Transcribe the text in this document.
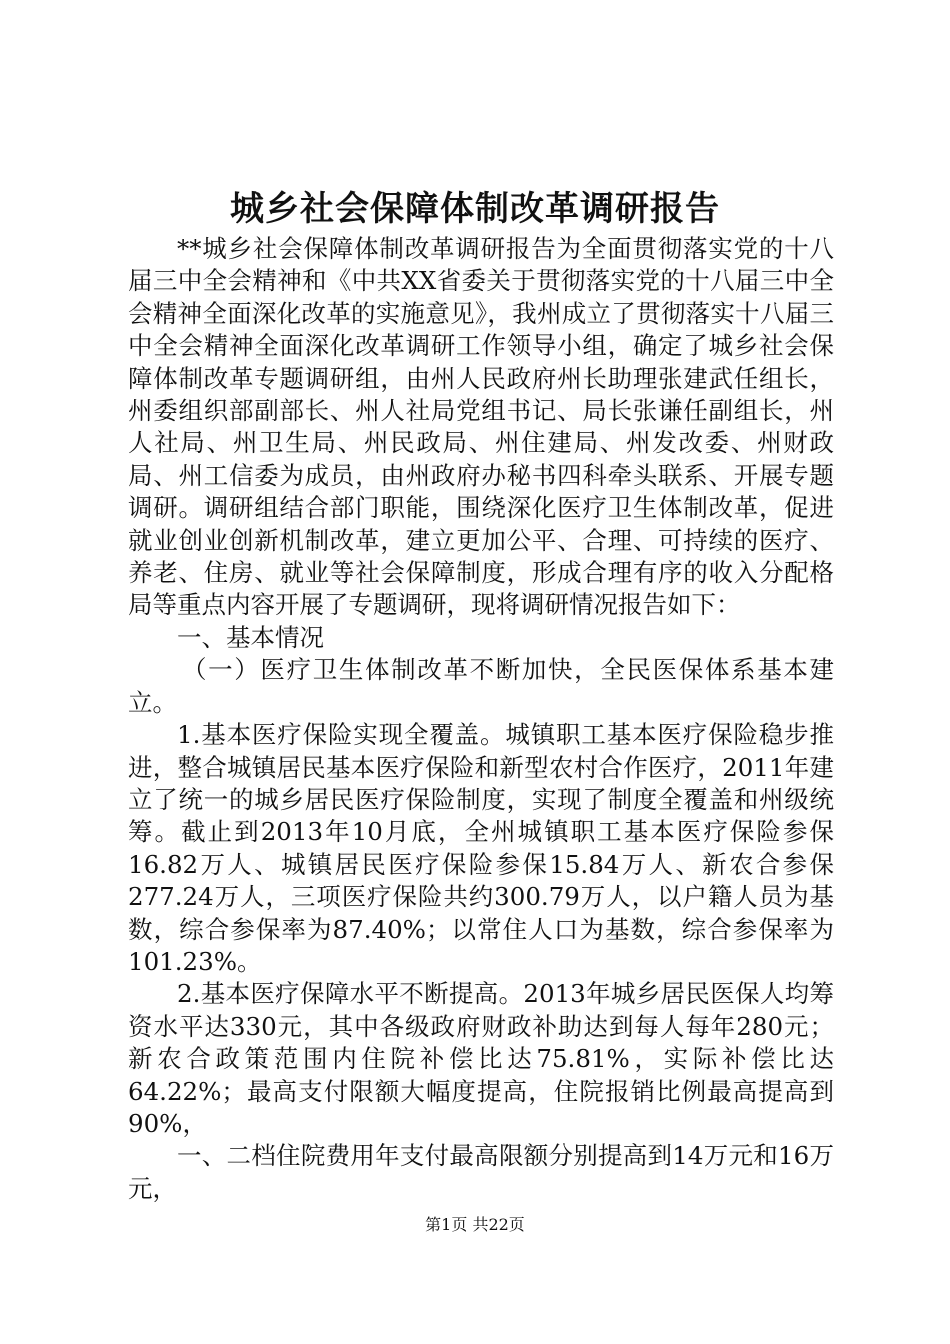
城乡社会保障体制改革调研报告

**城乡社会保障体制改革调研报告为全面贯彻落实党的十八届三中全会精神和《中共XX省委关于贯彻落实党的十八届三中全会精神全面深化改革的实施意见》，我州成立了贯彻落实十八届三中全会精神全面深化改革调研工作领导小组，确定了城乡社会保障体制改革专题调研组，由州人民政府州长助理张建武任组长，州委组织部副部长、州人社局党组书记、局长张谦任副组长，州人社局、州卫生局、州民政局、州住建局、州发改委、州财政局、州工信委为成员，由州政府办秘书四科牵头联系、开展专题调研。调研组结合部门职能，围绕深化医疗卫生体制改革，促进就业创业创新机制改革，建立更加公平、合理、可持续的医疗、养老、住房、就业等社会保障制度，形成合理有序的收入分配格局等重点内容开展了专题调研，现将调研情况报告如下：

一、基本情况

（一）医疗卫生体制改革不断加快，全民医保体系基本建立。

1.基本医疗保险实现全覆盖。城镇职工基本医疗保险稳步推进，整合城镇居民基本医疗保险和新型农村合作医疗，2011年建立了统一的城乡居民医疗保险制度，实现了制度全覆盖和州级统筹。截止到2013年10月底，全州城镇职工基本医疗保险参保16.82万人、城镇居民医疗保险参保15.84万人、新农合参保277.24万人，三项医疗保险共约300.79万人，以户籍人员为基数，综合参保率为87.40%；以常住人口为基数，综合参保率为101.23%。

2.基本医疗保障水平不断提高。2013年城乡居民医保人均筹资水平达330元，其中各级政府财政补助达到每人每年280元；新农合政策范围内住院补偿比达75.81%，实际补偿比达64.22%；最高支付限额大幅度提高，住院报销比例最高提高到90%，

一、二档住院费用年支付最高限额分别提高到14万元和16万元，

第1页 共22页
